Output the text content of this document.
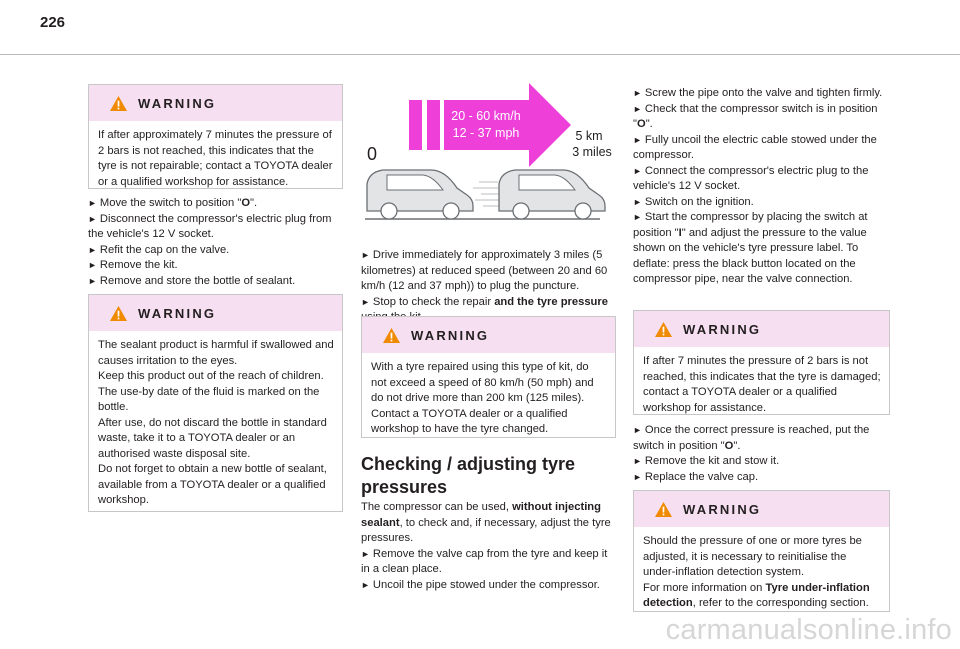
226
WARNING

If after approximately 7 minutes the pressure of 2 bars is not reached, this indicates that the tyre is not repairable; contact a TOYOTA dealer or a qualified workshop for assistance.

► Move the switch to position "O".

► Disconnect the compressor's electric plug from the vehicle's 12 V socket.

► Refit the cap on the valve.

► Remove the kit.

► Remove and store the bottle of sealant.

WARNING

The sealant product is harmful if swallowed and causes irritation to the eyes.

Keep this product out of the reach of children.

The use-by date of the fluid is marked on the bottle.

After use, do not discard the bottle in standard waste, take it to a TOYOTA dealer or an authorised waste disposal site.

Do not forget to obtain a new bottle of sealant, available from a TOYOTA dealer or a qualified workshop.

20 - 60 km/h
12 - 37 mph
0
5 km
3 miles

► Drive immediately for approximately 3 miles (5 kilometres) at reduced speed (between 20 and 60 km/h (12 and 37 mph)) to plug the puncture.

► Stop to check the repair and the tyre pressure

WARNING

With a tyre repaired using this type of kit, do not exceed a speed of 80 km/h (50 mph) and do not drive more than 200 km (125 miles). Contact a TOYOTA dealer or a qualified workshop to have the tyre changed.

Checking / adjusting tyre pressures

The compressor can be used, without injecting sealant, to check and, if necessary, adjust the tyre pressures.

► Remove the valve cap from the tyre and keep it in a clean place.

► Uncoil the pipe stowed under the compressor.

► Screw the pipe onto the valve and tighten firmly.

► Check that the compressor switch is in position "O".

► Fully uncoil the electric cable stowed under the compressor.

► Connect the compressor's electric plug to the vehicle's 12 V socket.

► Switch on the ignition.

► Start the compressor by placing the switch at position "I" and adjust the pressure to the value shown on the vehicle's tyre pressure label. To deflate: press the black button located on the compressor pipe, near the valve connection.

WARNING

If after 7 minutes the pressure of 2 bars is not reached, this indicates that the tyre is damaged; contact a TOYOTA dealer or a qualified workshop for assistance.

► Once the correct pressure is reached, put the switch in position "O".

► Remove the kit and stow it.

► Replace the valve cap.

WARNING

Should the pressure of one or more tyres be adjusted, it is necessary to reinitialise the under-inflation detection system.

For more information on Tyre under-inflation detection, refer to the corresponding section.

carmanualsonline.info
